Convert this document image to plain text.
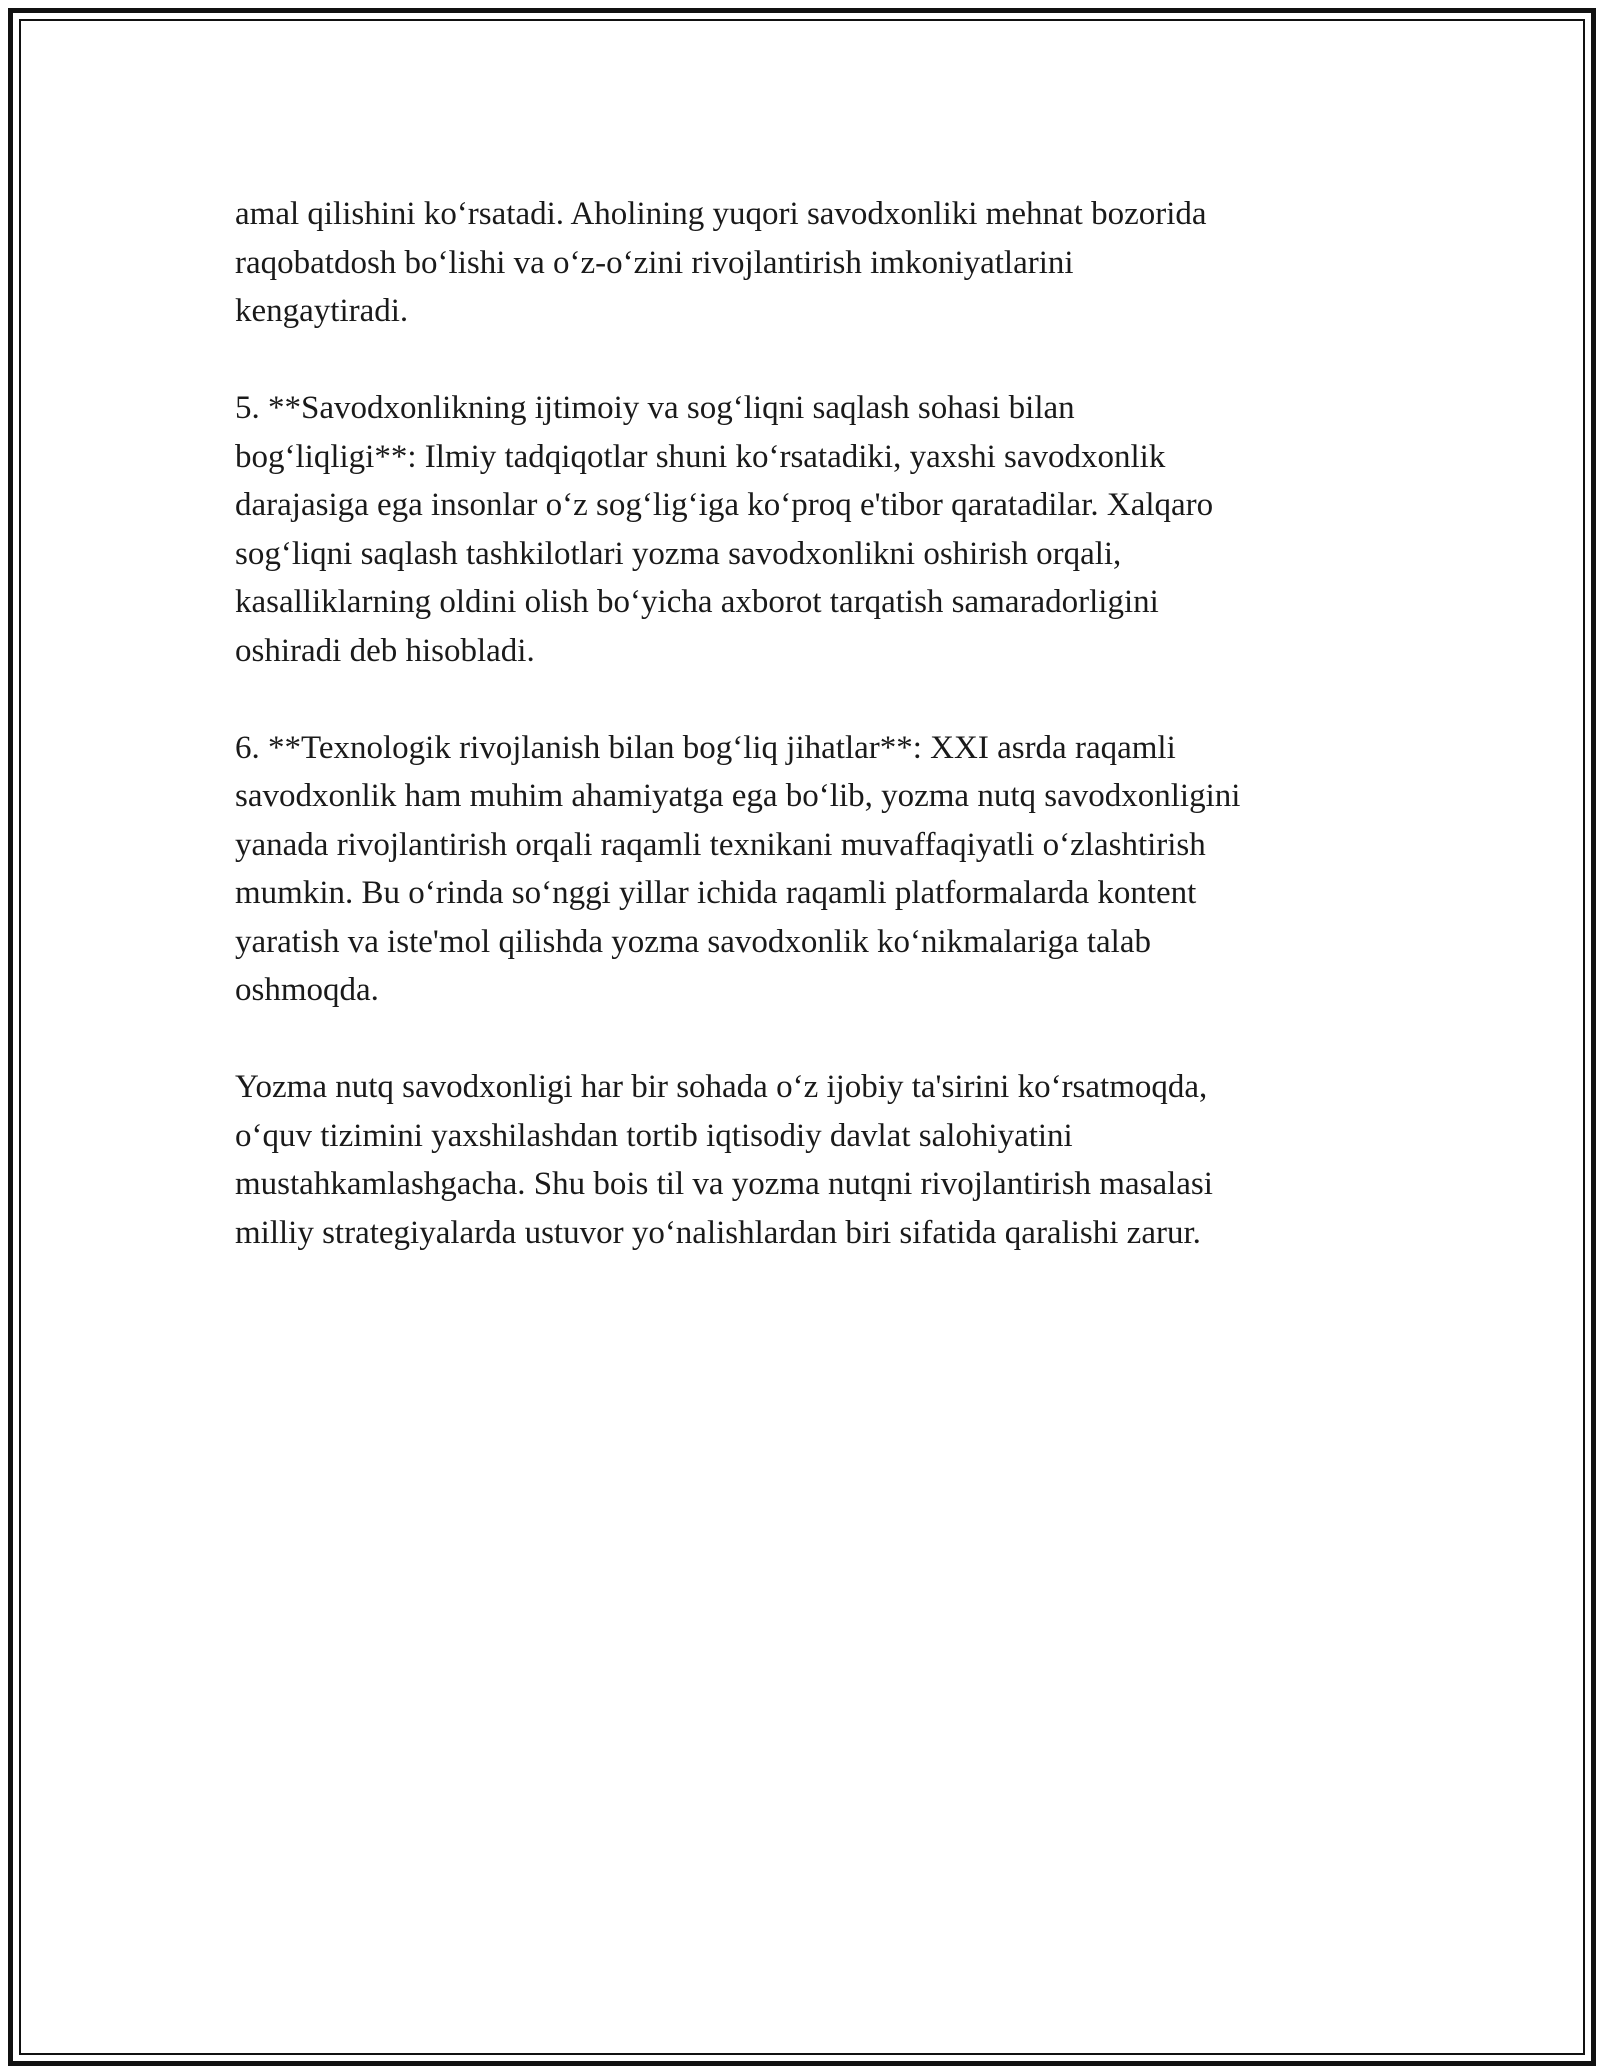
amal qilishini ko‘rsatadi. Aholining yuqori savodxonliki mehnat bozorida
raqobatdosh bo‘lishi va o‘z-o‘zini rivojlantirish imkoniyatlarini
kengaytiradi.

5. **Savodxonlikning ijtimoiy va sog‘liqni saqlash sohasi bilan
bog‘liqligi**: Ilmiy tadqiqotlar shuni ko‘rsatadiki, yaxshi savodxonlik
darajasiga ega insonlar o‘z sog‘lig‘iga ko‘proq e'tibor qaratadilar. Xalqaro
sog‘liqni saqlash tashkilotlari yozma savodxonlikni oshirish orqali,
kasalliklarning oldini olish bo‘yicha axborot tarqatish samaradorligini
oshiradi deb hisobladi.

6. **Texnologik rivojlanish bilan bog‘liq jihatlar**: XXI asrda raqamli
savodxonlik ham muhim ahamiyatga ega bo‘lib, yozma nutq savodxonligini
yanada rivojlantirish orqali raqamli texnikani muvaffaqiyatli o‘zlashtirish
mumkin. Bu o‘rinda so‘nggi yillar ichida raqamli platformalarda kontent
yaratish va iste'mol qilishda yozma savodxonlik ko‘nikmalariga talab
oshmoqda.

Yozma nutq savodxonligi har bir sohada o‘z ijobiy ta'sirini ko‘rsatmoqda,
o‘quv tizimini yaxshilashdan tortib iqtisodiy davlat salohiyatini
mustahkamlashgacha. Shu bois til va yozma nutqni rivojlantirish masalasi
milliy strategiyalarda ustuvor yo‘nalishlardan biri sifatida qaralishi zarur.
